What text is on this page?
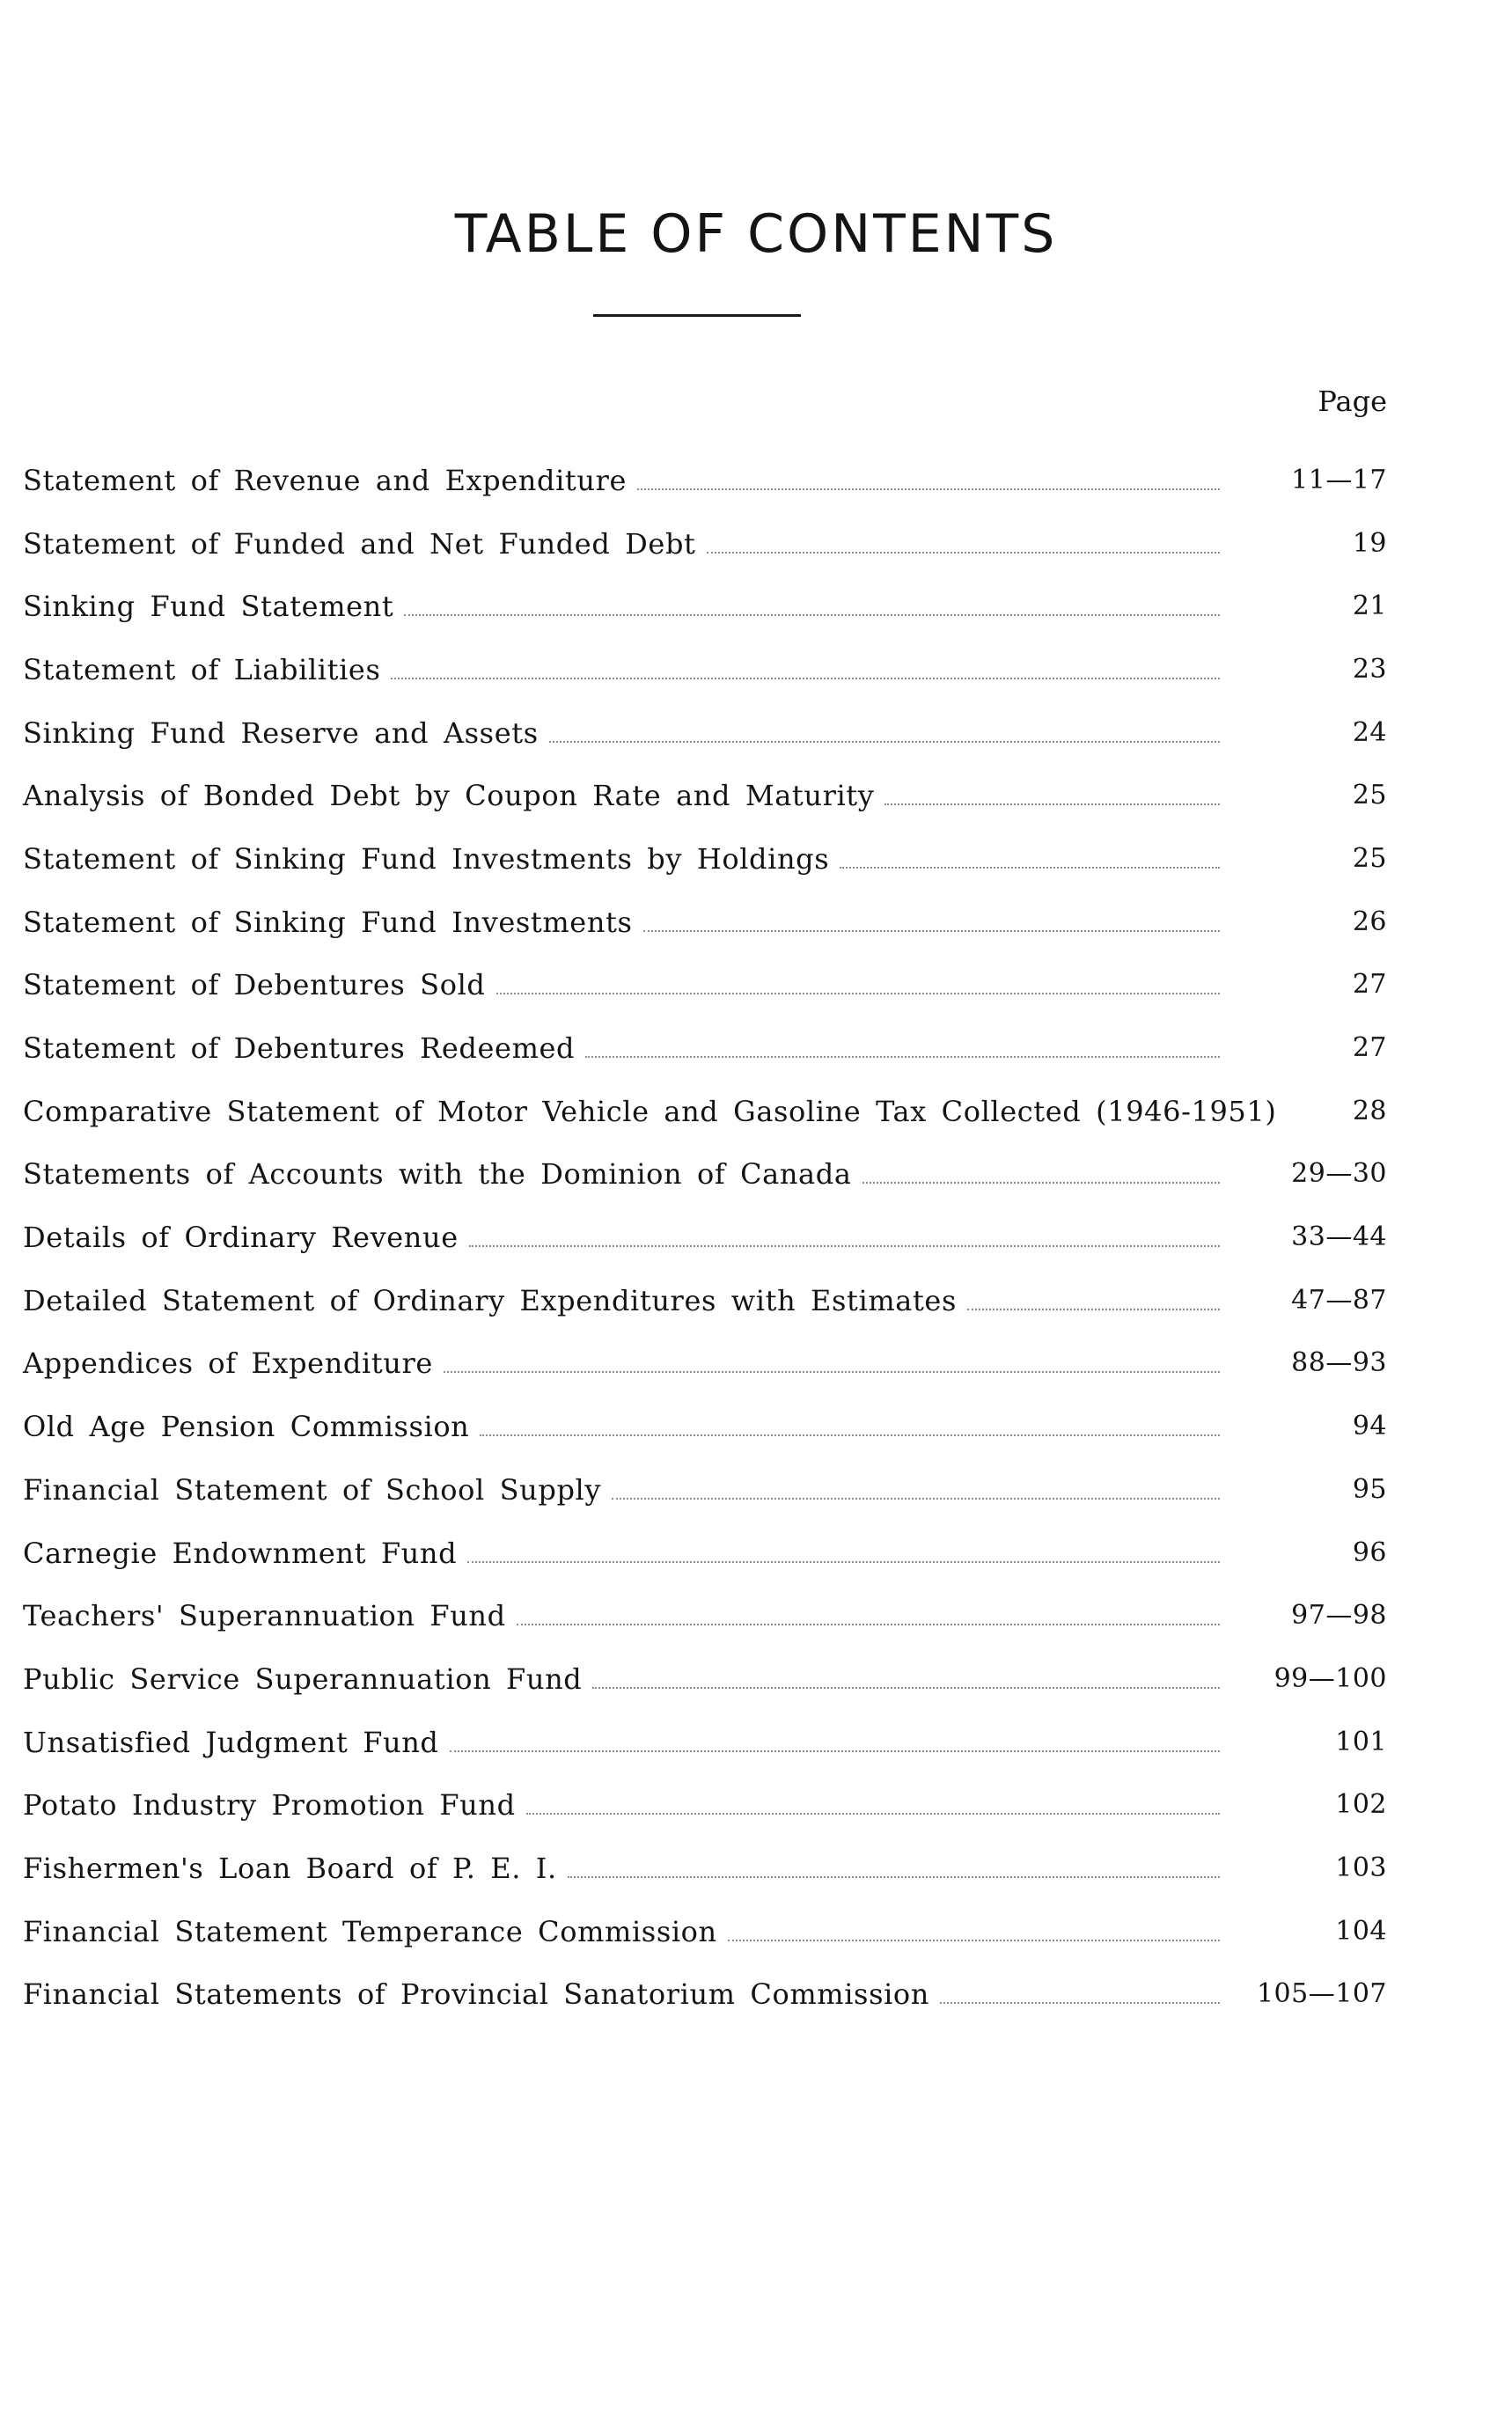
TABLE OF CONTENTS
Page
Statement of Revenue and Expenditure	11—17
Statement of Funded and Net Funded Debt	19
Sinking Fund Statement	21
Statement of Liabilities	23
Sinking Fund Reserve and Assets	24
Analysis of Bonded Debt by Coupon Rate and Maturity	25
Statement of Sinking Fund Investments by Holdings	25
Statement of Sinking Fund Investments	26
Statement of Debentures Sold	27
Statement of Debentures Redeemed	27
Comparative Statement of Motor Vehicle and Gasoline Tax Collected (1946-1951)	28
Statements of Accounts with the Dominion of Canada	29—30
Details of Ordinary Revenue	33—44
Detailed Statement of Ordinary Expenditures with Estimates	47—87
Appendices of Expenditure	88—93
Old Age Pension Commission	94
Financial Statement of School Supply	95
Carnegie Endownment Fund	96
Teachers' Superannuation Fund	97—98
Public Service Superannuation Fund	99—100
Unsatisfied Judgment Fund	101
Potato Industry Promotion Fund	102
Fishermen's Loan Board of P. E. I.	103
Financial Statement Temperance Commission	104
Financial Statements of Provincial Sanatorium Commission	105—107
